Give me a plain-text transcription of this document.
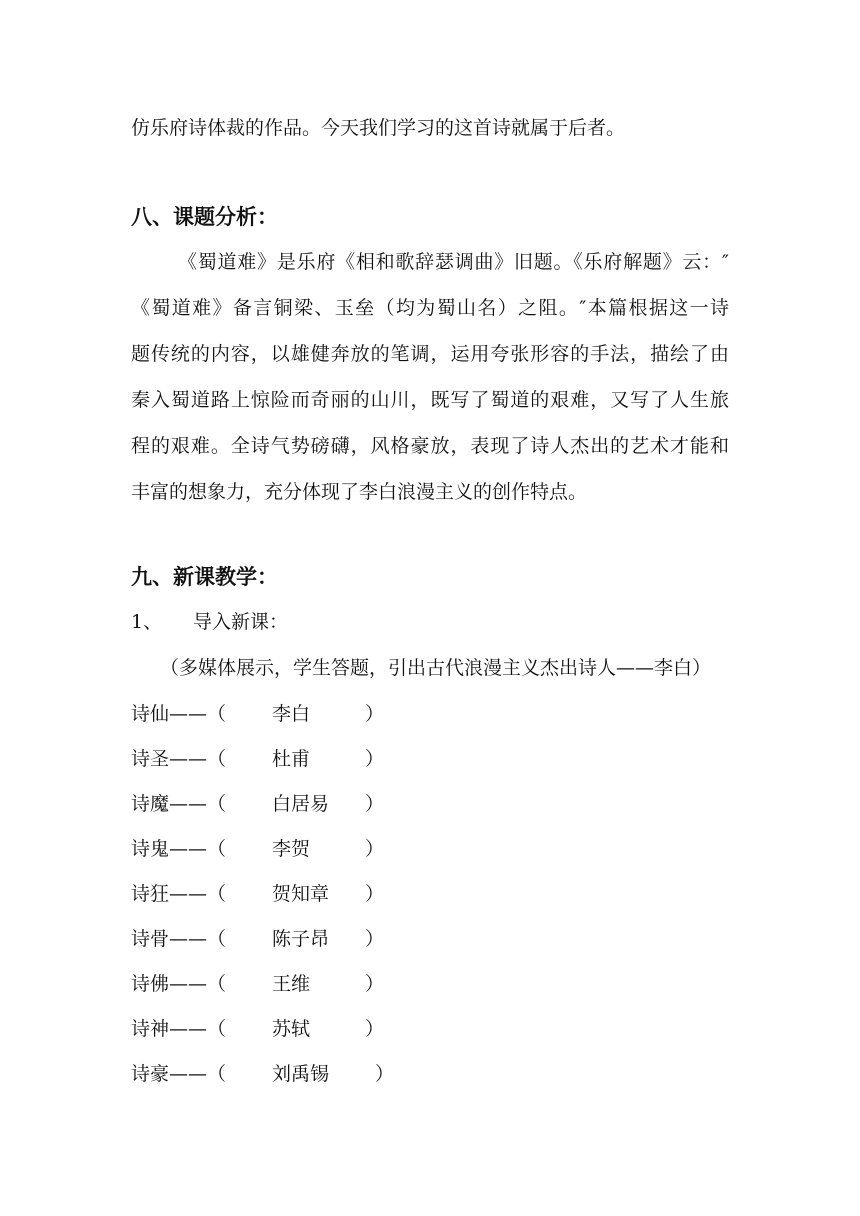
仿乐府诗体裁的作品。今天我们学习的这首诗就属于后者。
八、课题分析：
《蜀道难》是乐府《相和歌辞瑟调曲》旧题。《乐府解题》云：″
《蜀道难》备言铜梁、玉垒（均为蜀山名）之阻。″本篇根据这一诗
题传统的内容，以雄健奔放的笔调，运用夸张形容的手法，描绘了由
秦入蜀道路上惊险而奇丽的山川，既写了蜀道的艰难，又写了人生旅
程的艰难。全诗气势磅礴，风格豪放，表现了诗人杰出的艺术才能和
丰富的想象力，充分体现了李白浪漫主义的创作特点。
九、新课教学：
1、 导入新课：
（多媒体展示，学生答题，引出古代浪漫主义杰出诗人——李白）
诗仙——（ 李白	）
诗圣——（ 杜甫	）
诗魔——（ 白居易 ）
诗鬼——（ 李贺	）
诗狂——（ 贺知章 ）
诗骨——（ 陈子昂 ）
诗佛——（ 王维	）
诗神——（ 苏轼	）
诗豪——（ 刘禹锡 ）
